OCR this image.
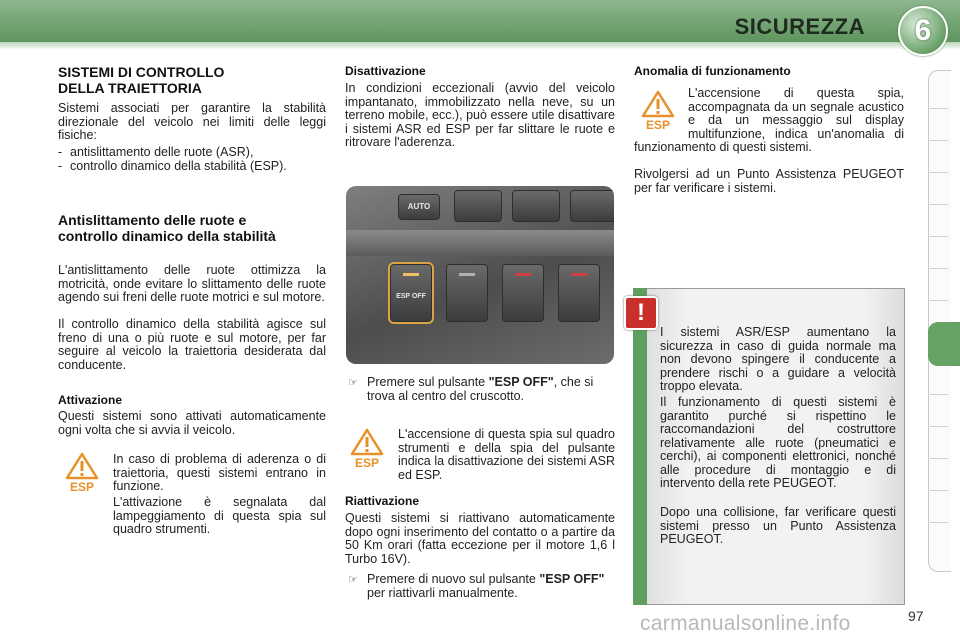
SICUREZZA	6
SISTEMI DI CONTROLLO DELLA TRAIETTORIA
Sistemi associati per garantire la stabilità direzionale del veicolo nei limiti delle leggi fisiche:
- antislittamento delle ruote (ASR),
- controllo dinamico della stabilità (ESP).
Antislittamento delle ruote e controllo dinamico della stabilità
L'antislittamento delle ruote ottimizza la motricità, onde evitare lo slittamento delle ruote agendo sui freni delle ruote motrici e sul motore.
Il controllo dinamico della stabilità agisce sul freno di una o più ruote e sul motore, per far seguire al veicolo la traiettoria desiderata dal conducente.
Attivazione
Questi sistemi sono attivati automaticamente ogni volta che si avvia il veicolo.
ESP
In caso di problema di aderenza o di traiettoria, questi sistemi entrano in funzione.
L'attivazione è segnalata dal lampeggiamento di questa spia sul quadro strumenti.
Disattivazione
In condizioni eccezionali (avvio del veicolo impantanato, immobilizzato nella neve, su un terreno mobile, ecc.), può essere utile disattivare i sistemi ASR ed ESP per far slittare le ruote e ritrovare l'aderenza.
AUTO
ESP OFF
☞ Premere sul pulsante "ESP OFF", che si trova al centro del cruscotto.
ESP
L'accensione di questa spia sul quadro strumenti e della spia del pulsante indica la disattivazione dei sistemi ASR ed ESP.
Riattivazione
Questi sistemi si riattivano automaticamente dopo ogni inserimento del contatto o a partire da 50 Km orari (fatta eccezione per il motore 1,6 l Turbo 16V).
☞ Premere di nuovo sul pulsante "ESP OFF" per riattivarli manualmente.
Anomalia di funzionamento
ESP
L'accensione di questa spia, accompagnata da un segnale acustico e da un messaggio sul display multifunzione, indica un'anomalia di funzionamento di questi sistemi.
Rivolgersi ad un Punto Assistenza PEUGEOT per far verificare i sistemi.
!
I sistemi ASR/ESP aumentano la sicurezza in caso di guida normale ma non devono spingere il conducente a prendere rischi o a guidare a velocità troppo elevata.
Il funzionamento di questi sistemi è garantito purché si rispettino le raccomandazioni del costruttore relativamente alle ruote (pneumatici e cerchi), ai componenti elettronici, nonché alle procedure di montaggio e di intervento della rete PEUGEOT.
Dopo una collisione, far verificare questi sistemi presso un Punto Assistenza PEUGEOT.
carmanualsonline.info	97
